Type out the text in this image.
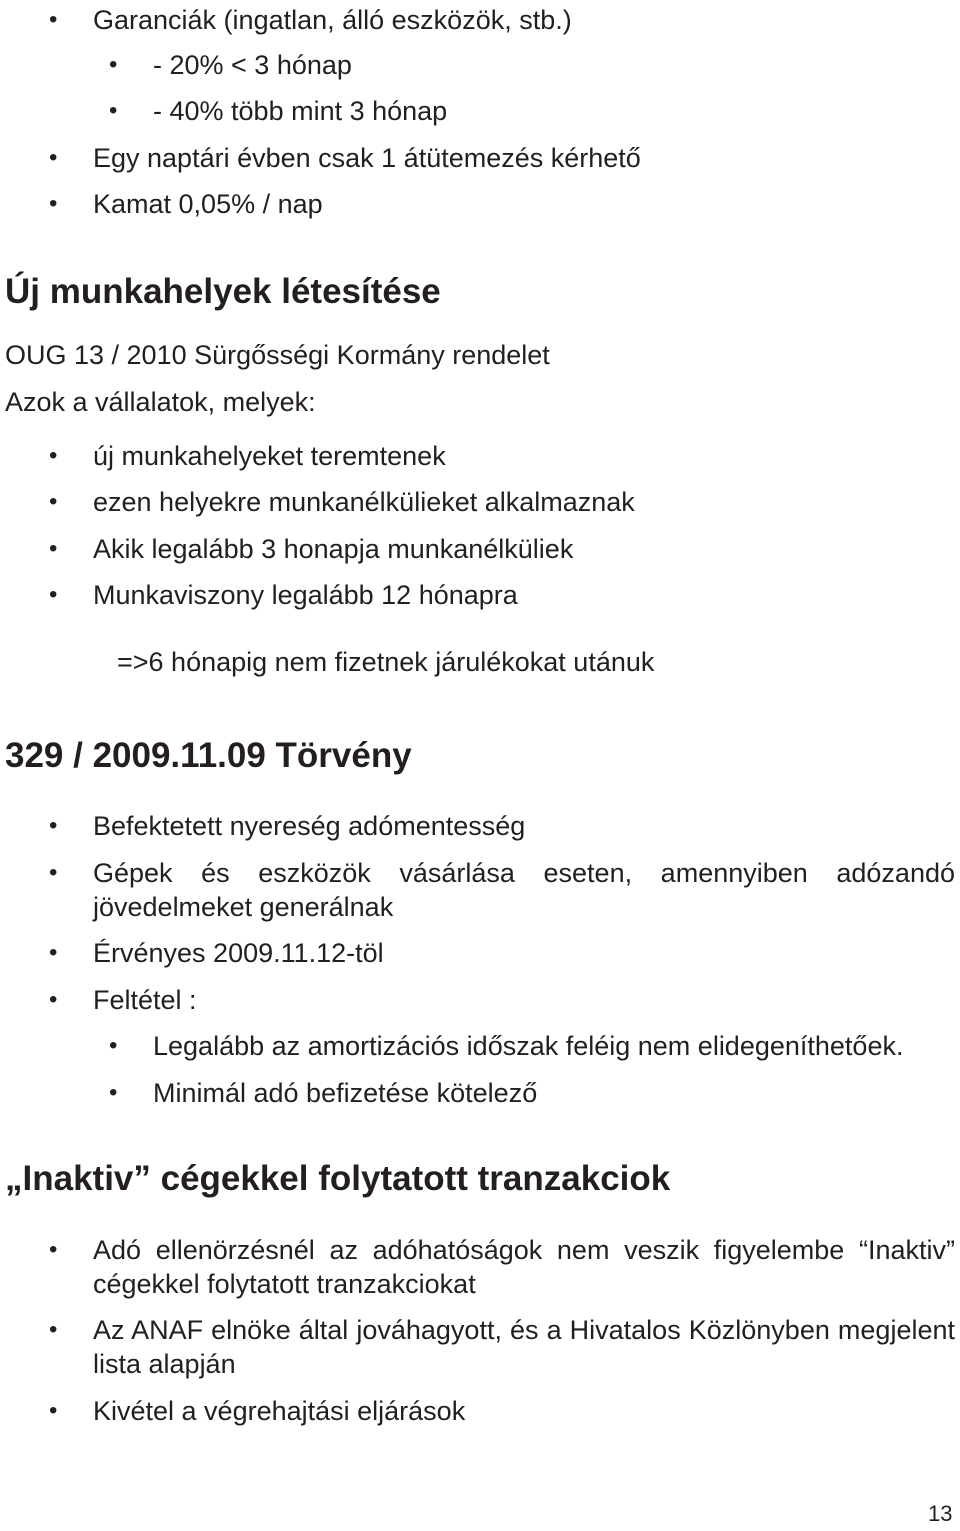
• Garanciák (ingatlan, álló eszközök, stb.)
• - 20% < 3 hónap
• - 40% több mint 3 hónap
• Egy naptári évben csak 1 átütemezés kérhető
• Kamat 0,05% / nap
Új munkahelyek létesítése
OUG 13 / 2010 Sürgősségi Kormány rendelet
Azok a vállalatok, melyek:
• új munkahelyeket teremtenek
• ezen helyekre munkanélkülieket alkalmaznak
• Akik legalább 3 honapja munkanélküliek
• Munkaviszony legalább 12 hónapra
=>6 hónapig nem fizetnek járulékokat utánuk
329 / 2009.11.09 Törvény
• Befektetett nyereség adómentesség
• Gépek és eszközök vásárlása eseten, amennyiben adózandó jövedelmeket generálnak
• Érvényes 2009.11.12-töl
• Feltétel :
• Legalább az amortizációs időszak feléig nem elidegeníthetőek.
• Minimál adó befizetése kötelező
„Inaktiv” cégekkel folytatott tranzakciok
• Adó ellenörzésnél az adóhatóságok nem veszik figyelembe “Inaktiv” cégekkel folytatott tranzakciokat
• Az ANAF elnöke által jováhagyott, és a Hivatalos Közlönyben megjelent lista alapján
• Kivétel a végrehajtási eljárások
13
